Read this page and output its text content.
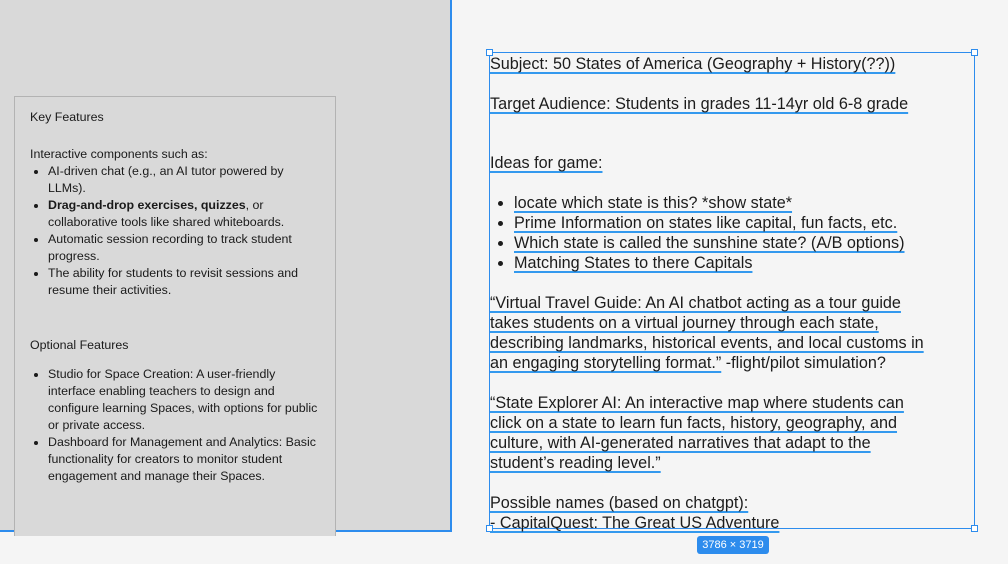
Key Features

Interactive components such as:

• AI-driven chat (e.g., an AI tutor powered by LLMs).
• Drag-and-drop exercises, quizzes, or collaborative tools like shared whiteboards.
• Automatic session recording to track student progress.
• The ability for students to revisit sessions and resume their activities.

Optional Features

• Studio for Space Creation: A user-friendly interface enabling teachers to design and configure learning Spaces, with options for public or private access.
• Dashboard for Management and Analytics: Basic functionality for creators to monitor student engagement and manage their Spaces.

Subject: 50 States of America (Geography + History(??))

Target Audience: Students in grades 11-14yr old 6-8 grade

Ideas for game:

• locate which state is this? *show state*
• Prime Information on states like capital, fun facts, etc.
• Which state is called the sunshine state? (A/B options)
• Matching States to there Capitals

“Virtual Travel Guide: An AI chatbot acting as a tour guide

takes students on a virtual journey through each state,

describing landmarks, historical events, and local customs in

an engaging storytelling format.” -flight/pilot simulation?

“State Explorer AI: An interactive map where students can

click on a state to learn fun facts, history, geography, and

culture, with AI-generated narratives that adapt to the

student’s reading level.”

Possible names (based on chatgpt):

- CapitalQuest: The Great US Adventure

3786 × 3719
